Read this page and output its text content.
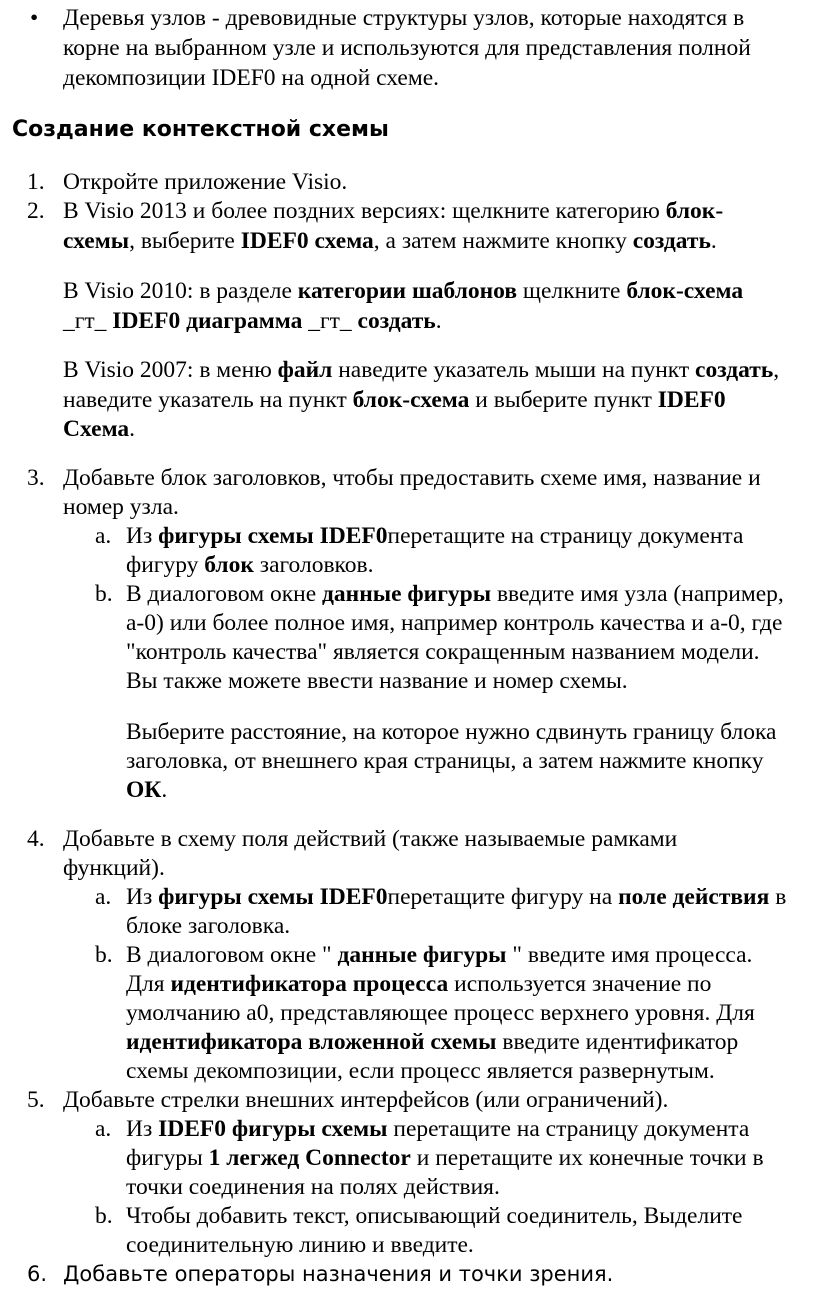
• Деревья узлов - древовидные структуры узлов, которые находятся в
корне на выбранном узле и используются для представления полной
декомпозиции IDEF0 на одной схеме.
Создание контекстной схемы
1. Откройте приложение Visio.
2. В Visio 2013 и более поздних версиях: щелкните категорию блок-
схемы, выберите IDEF0 схема, а затем нажмите кнопку создать.
В Visio 2010: в разделе категории шаблонов щелкните блок-схема
_гт_ IDEF0 диаграмма _гт_ создать.
В Visio 2007: в меню файл наведите указатель мыши на пункт создать,
наведите указатель на пункт блок-схема и выберите пункт IDEF0
Схема.
3. Добавьте блок заголовков, чтобы предоставить схеме имя, название и
номер узла.
a. Из фигуры схемы IDEF0перетащите на страницу документа
фигуру блок заголовков.
b. В диалоговом окне данные фигуры введите имя узла (например,
а-0) или более полное имя, например контроль качества и а-0, где
"контроль качества" является сокращенным названием модели.
Вы также можете ввести название и номер схемы.
Выберите расстояние, на которое нужно сдвинуть границу блока
заголовка, от внешнего края страницы, а затем нажмите кнопку
ОК.
4. Добавьте в схему поля действий (также называемые рамками
функций).
a. Из фигуры схемы IDEF0перетащите фигуру на поле действия в
блоке заголовка.
b. В диалоговом окне " данные фигуры " введите имя процесса.
Для идентификатора процесса используется значение по
умолчанию а0, представляющее процесс верхнего уровня. Для
идентификатора вложенной схемы введите идентификатор
схемы декомпозиции, если процесс является развернутым.
5. Добавьте стрелки внешних интерфейсов (или ограничений).
a. Из IDEF0 фигуры схемы перетащите на страницу документа
фигуры 1 легжед Connector и перетащите их конечные точки в
точки соединения на полях действия.
b. Чтобы добавить текст, описывающий соединитель, Выделите
соединительную линию и введите.
6. Добавьте операторы назначения и точки зрения.
